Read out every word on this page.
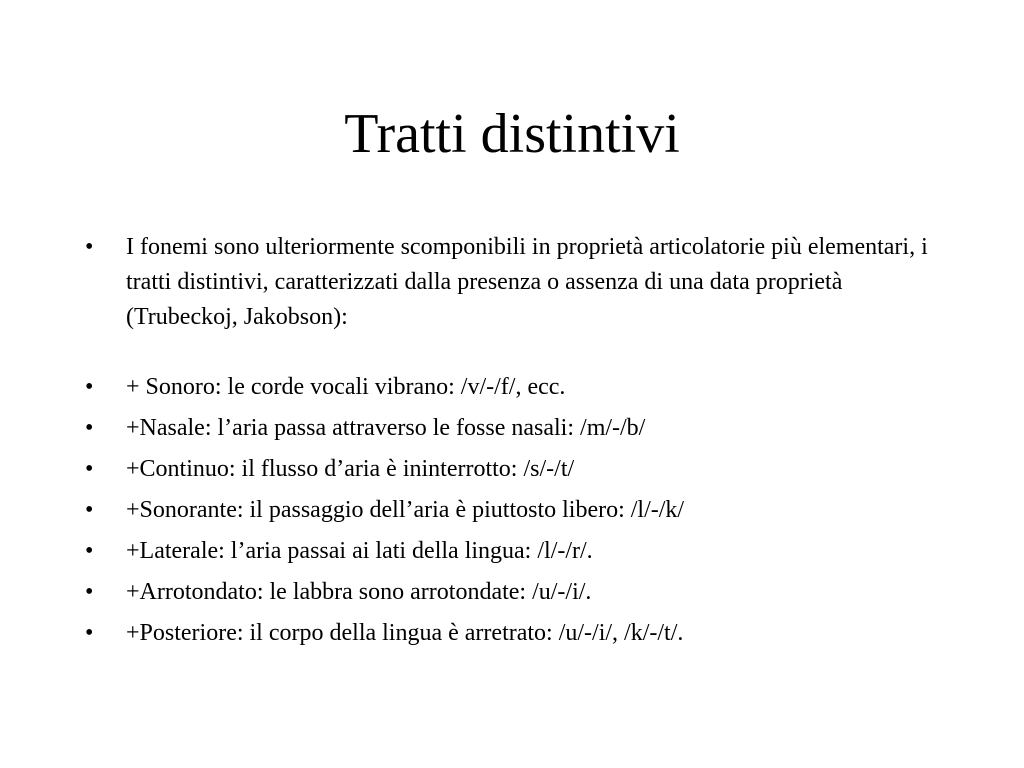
Tratti distintivi
•	I fonemi sono ulteriormente scomponibili in proprietà articolatorie più elementari, i tratti distintivi, caratterizzati dalla presenza o assenza di una data proprietà (Trubeckoj, Jakobson):
•	+ Sonoro: le corde vocali vibrano: /v/-/f/, ecc.
•	+Nasale: l’aria passa attraverso le fosse nasali: /m/-/b/
•	+Continuo: il flusso d’aria è ininterrotto: /s/-/t/
•	+Sonorante: il passaggio dell’aria è piuttosto libero: /l/-/k/
•	+Laterale: l’aria passai ai lati della lingua: /l/-/r/.
•	+Arrotondato: le labbra sono arrotondate: /u/-/i/.
•	+Posteriore: il corpo della lingua è arretrato: /u/-/i/, /k/-/t/.
